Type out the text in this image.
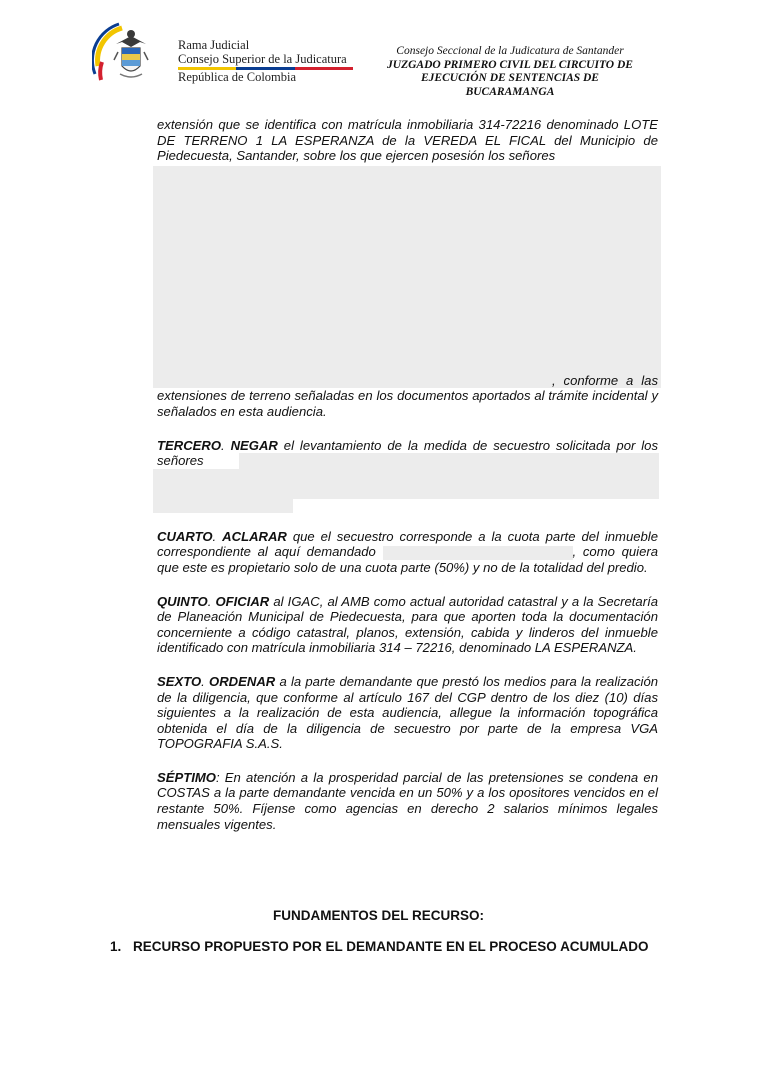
Rama Judicial
Consejo Superior de la Judicatura
República de Colombia
Consejo Seccional de la Judicatura de Santander
JUZGADO PRIMERO CIVIL DEL CIRCUITO DE
EJECUCIÓN DE SENTENCIAS DE
BUCARAMANGA

extensión que se identifica con matrícula inmobiliaria 314-72216 denominado LOTE DE TERRENO 1 LA ESPERANZA de la VEREDA EL FICAL del Municipio de Piedecuesta, Santander, sobre los que ejercen posesión los señores

, conforme a las extensiones de terreno señaladas en los documentos aportados al trámite incidental y señalados en esta audiencia.

TERCERO. NEGAR el levantamiento de la medida de secuestro solicitada por los señores

CUARTO. ACLARAR que el secuestro corresponde a la cuota parte del inmueble correspondiente al aquí demandado	, como quiera que este es propietario solo de una cuota parte (50%) y no de la totalidad del predio.

QUINTO. OFICIAR al IGAC, al AMB como actual autoridad catastral y a la Secretaría de Planeación Municipal de Piedecuesta, para que aporten toda la documentación concerniente a código catastral, planos, extensión, cabida y linderos del inmueble identificado con matrícula inmobiliaria 314 – 72216, denominado LA ESPERANZA.

SEXTO. ORDENAR a la parte demandante que prestó los medios para la realización de la diligencia, que conforme al artículo 167 del CGP dentro de los diez (10) días siguientes a la realización de esta audiencia, allegue la información topográfica obtenida el día de la diligencia de secuestro por parte de la empresa VGA TOPOGRAFIA S.A.S.

SÉPTIMO: En atención a la prosperidad parcial de las pretensiones se condena en COSTAS a la parte demandante vencida en un 50% y a los opositores vencidos en el restante 50%. Fíjense como agencias en derecho 2 salarios mínimos legales mensuales vigentes.

FUNDAMENTOS DEL RECURSO:
1. RECURSO PROPUESTO POR EL DEMANDANTE EN EL PROCESO ACUMULADO
